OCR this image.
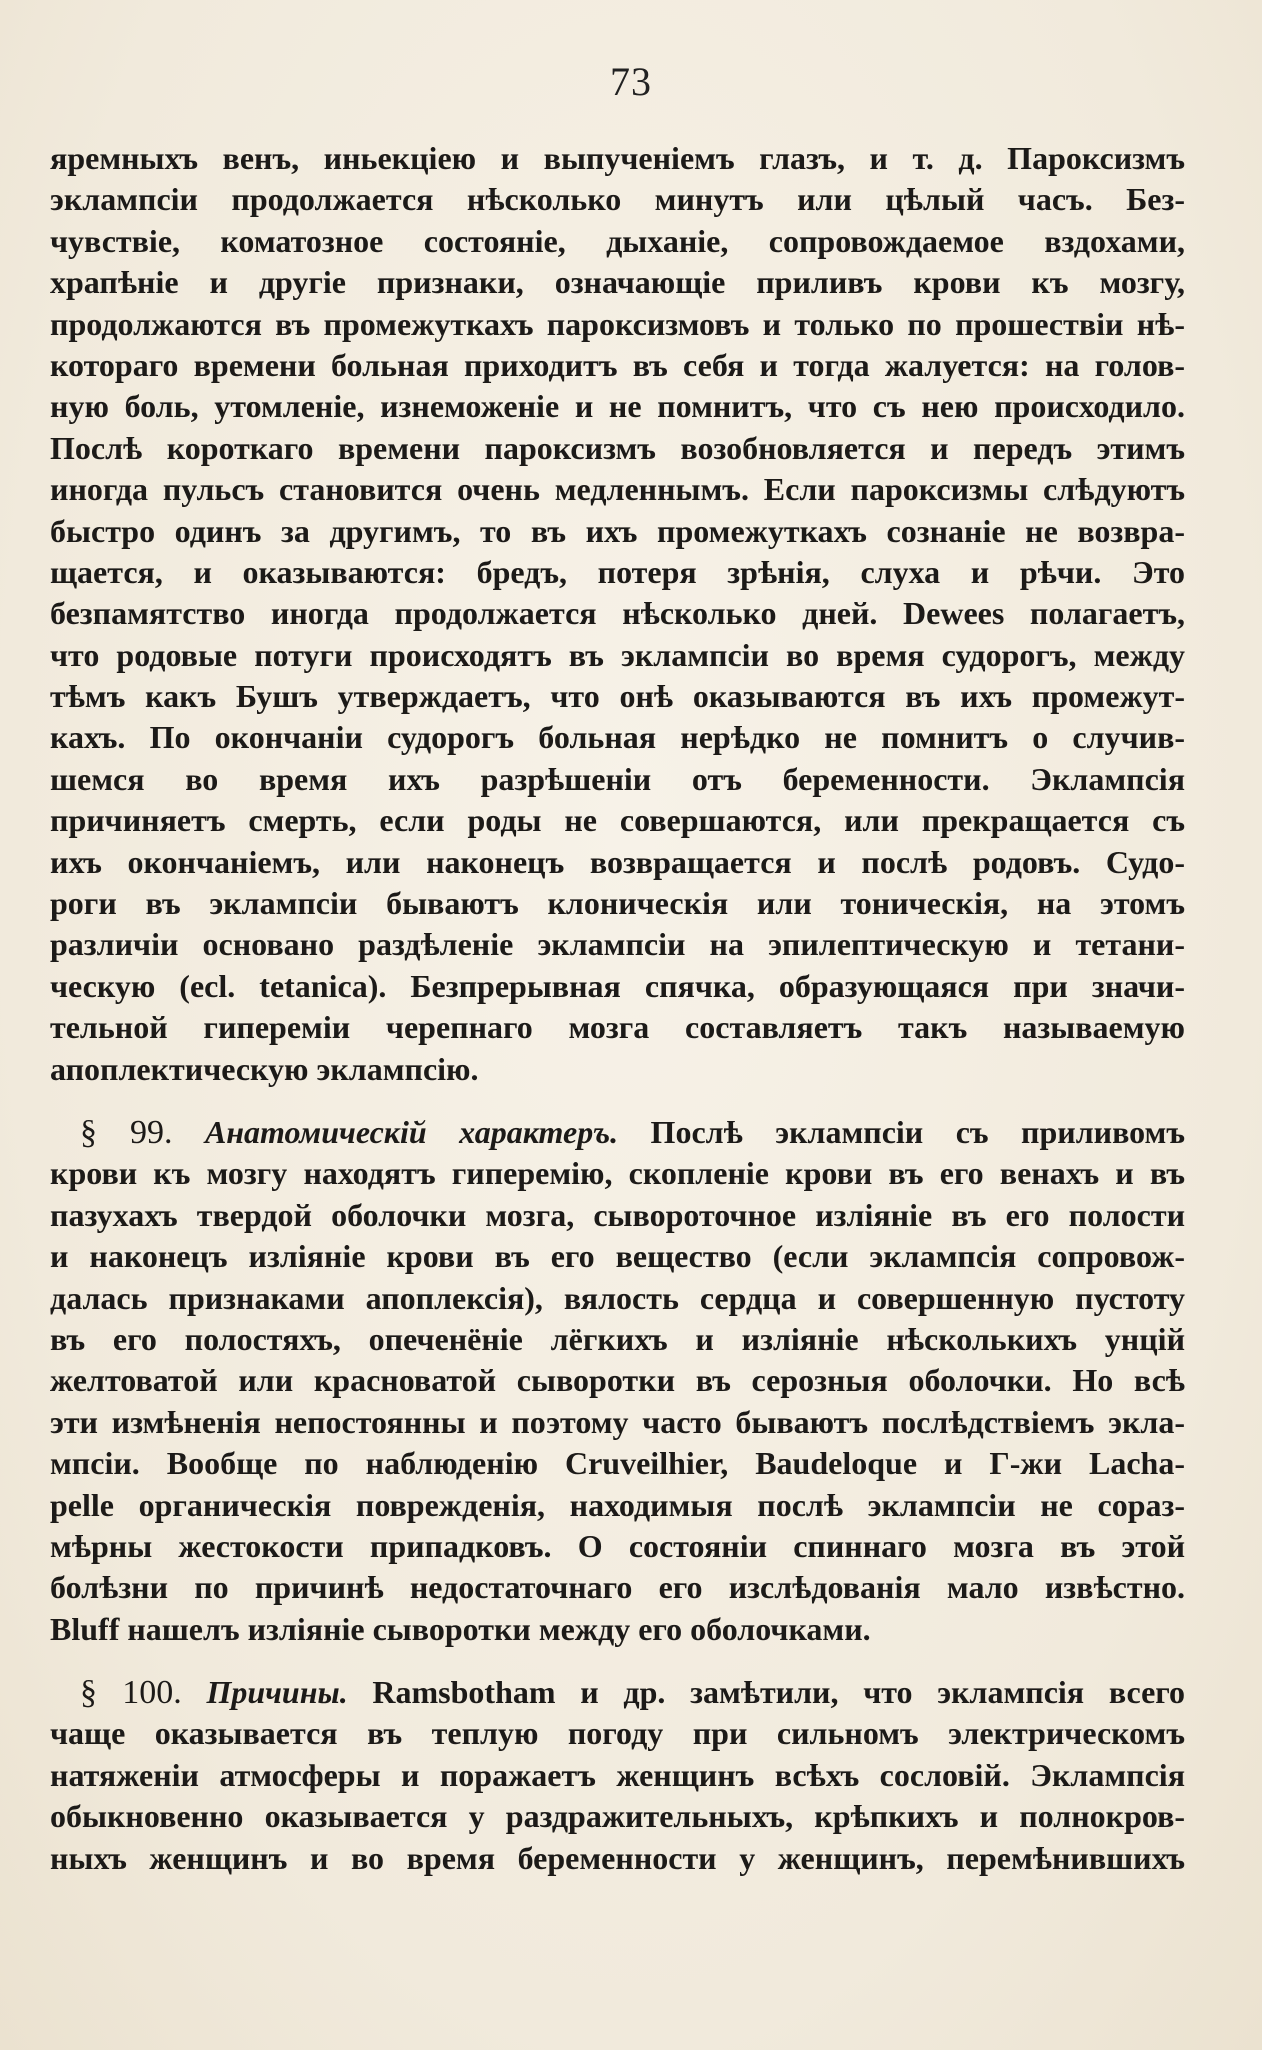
73
яремныхъ венъ, иньекціею и выпученіемъ глазъ, и т. д. Пароксизмъ
эклампсіи продолжается нѣсколько минутъ или цѣлый часъ. Без-
чувствіе, коматозное состояніе, дыханіе, сопровождаемое вздохами,
храпѣніе и другіе признаки, означающіе приливъ крови къ мозгу,
продолжаются въ промежуткахъ пароксизмовъ и только по прошествіи нѣ-
котораго времени больная приходитъ въ себя и тогда жалуется: на голов-
ную боль, утомленіе, изнеможеніе и не помнитъ, что съ нею происходило.
Послѣ короткаго времени пароксизмъ возобновляется и передъ этимъ
иногда пульсъ становится очень медленнымъ. Если пароксизмы слѣдуютъ
быстро одинъ за другимъ, то въ ихъ промежуткахъ сознаніе не возвра-
щается, и оказываются: бредъ, потеря зрѣнія, слуха и рѣчи. Это
безпамятство иногда продолжается нѣсколько дней. Dewees полагаетъ,
что родовые потуги происходятъ въ эклампсіи во время судорогъ, между
тѣмъ какъ Бушъ утверждаетъ, что онѣ оказываются въ ихъ промежут-
кахъ. По окончаніи судорогъ больная нерѣдко не помнитъ о случив-
шемся во время ихъ разрѣшеніи отъ беременности. Эклампсія
причиняетъ смерть, если роды не совершаются, или прекращается съ
ихъ окончаніемъ, или наконецъ возвращается и послѣ родовъ. Судо-
роги въ эклампсіи бываютъ клоническія или тоническія, на этомъ
различіи основано раздѣленіе эклампсіи на эпилептическую и тетани-
ческую (ecl. tetanica). Безпрерывная спячка, образующаяся при значи-
тельной гипереміи черепнаго мозга составляетъ такъ называемую
апоплектическую эклампсію.
§ 99. Анатомическій характеръ. Послѣ эклампсіи съ приливомъ
крови къ мозгу находятъ гиперемію, скопленіе крови въ его венахъ и въ
пазухахъ твердой оболочки мозга, сывороточное изліяніе въ его полости
и наконецъ изліяніе крови въ его вещество (если эклампсія сопровож-
далась признаками апоплексія), вялость сердца и совершенную пустоту
въ его полостяхъ, опеченёніе лёгкихъ и изліяніе нѣсколькихъ унцій
желтоватой или красноватой сыворотки въ серозныя оболочки. Но всѣ
эти измѣненія непостоянны и поэтому часто бываютъ послѣдствіемъ экла-
мпсіи. Вообще по наблюденію Cruveilhier, Baudeloque и Г-жи Lacha-
pelle органическія поврежденія, находимыя послѣ эклампсіи не сораз-
мѣрны жестокости припадковъ. О состояніи спиннаго мозга въ этой
болѣзни по причинѣ недостаточнаго его изслѣдованія мало извѣстно.
Bluff нашелъ изліяніе сыворотки между его оболочками.
§ 100. Причины. Ramsbotham и др. замѣтили, что эклампсія всего
чаще оказывается въ теплую погоду при сильномъ электрическомъ
натяженіи атмосферы и поражаетъ женщинъ всѣхъ сословій. Эклампсія
обыкновенно оказывается у раздражительныхъ, крѣпкихъ и полнокров-
ныхъ женщинъ и во время беременности у женщинъ, перемѣнившихъ
